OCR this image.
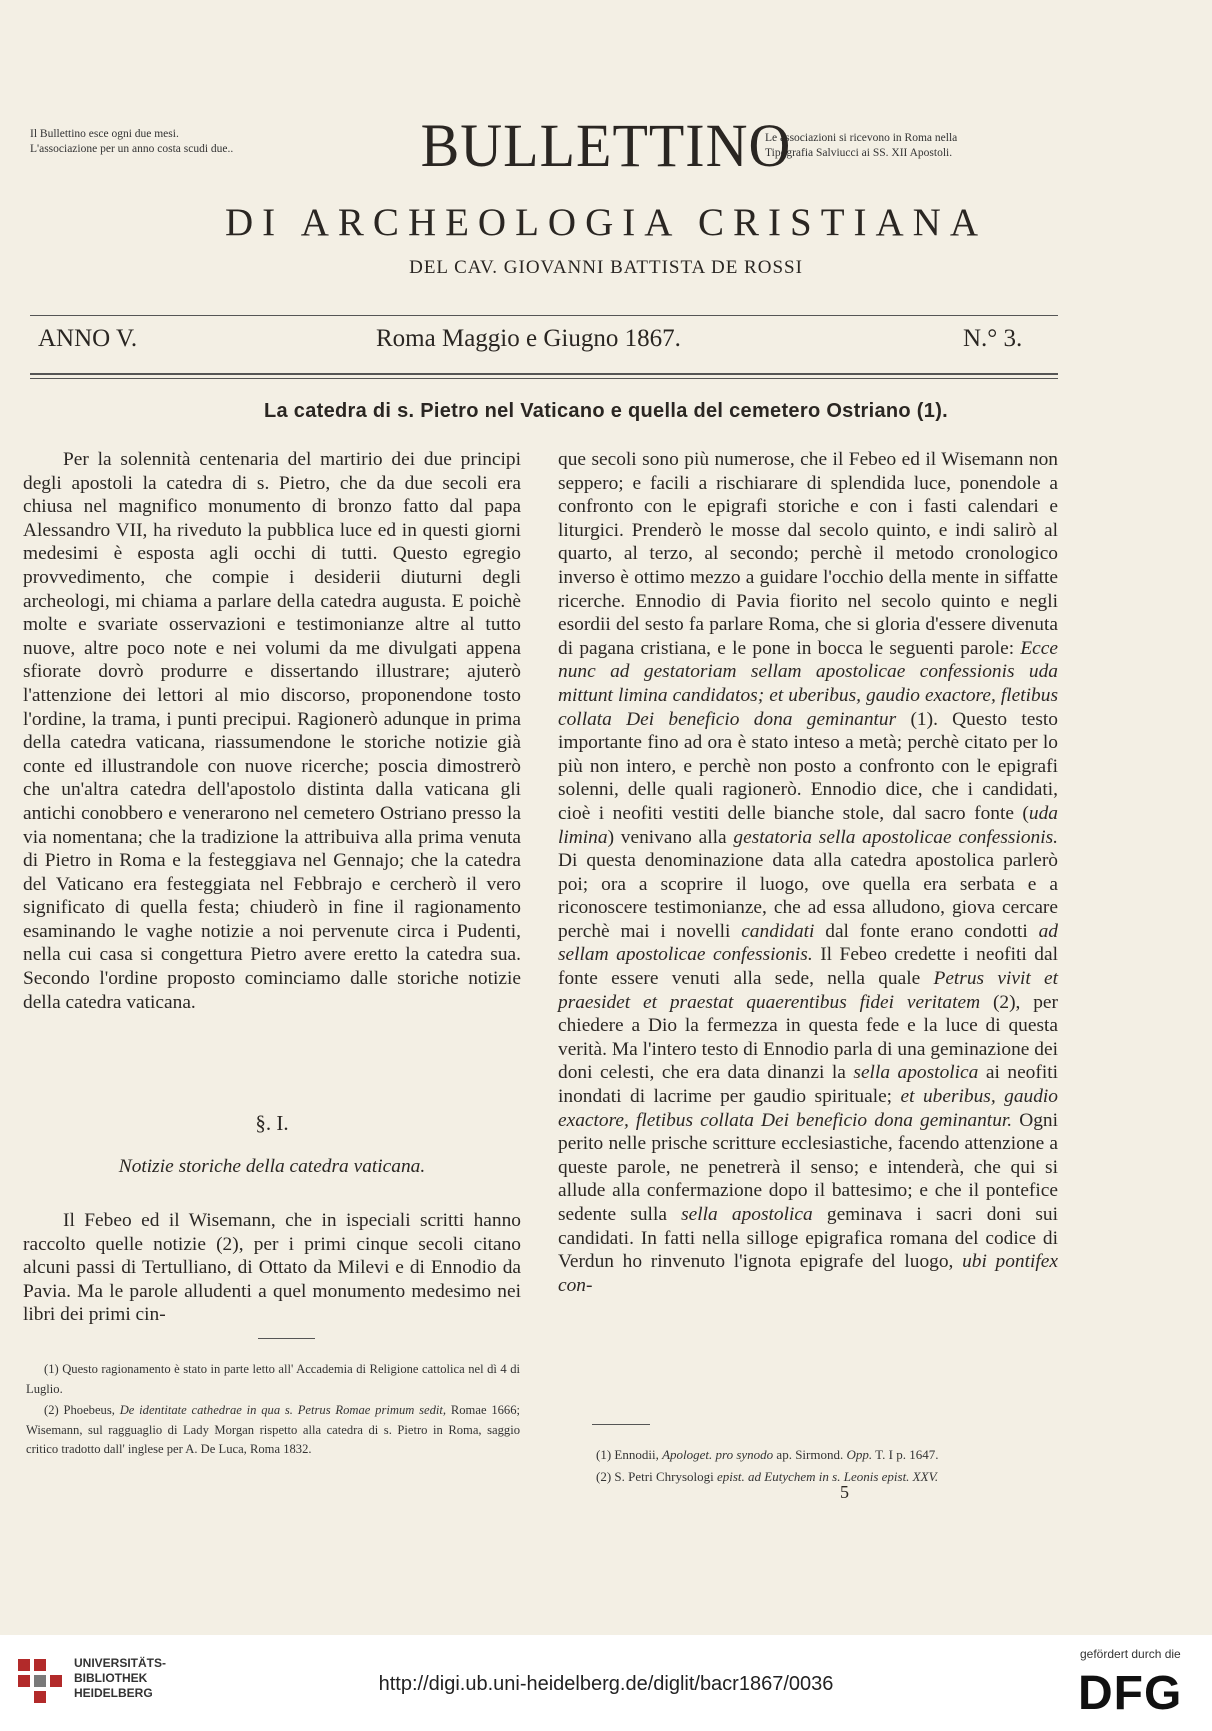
Il Bullettino esce ogni due mesi.
L'associazione per un anno costa scudi due..
Le associazioni si ricevono in Roma nella
Tipografia Salviucci ai SS. XII Apostoli.
BULLETTINO
DI ARCHEOLOGIA CRISTIANA
DEL CAV. GIOVANNI BATTISTA DE ROSSI
ANNO V.	Roma Maggio e Giugno 1867.	N.° 3.
La catedra di s. Pietro nel Vaticano e quella del cemetero Ostriano (1).

Per la solennità centenaria del martirio dei due principi degli apostoli la catedra di s. Pietro, che da due secoli era chiusa nel magnifico monumento di bronzo fatto dal papa Alessandro VII, ha riveduto la pubblica luce ed in questi giorni medesimi è esposta agli occhi di tutti. Questo egregio provvedimento, che compie i desiderii diuturni degli archeologi, mi chiama a parlare della catedra augusta. E poichè molte e svariate osservazioni e testimonianze altre al tutto nuove, altre poco note e nei volumi da me divulgati appena sfiorate dovrò produrre e dissertando illustrare; ajuterò l'attenzione dei lettori al mio discorso, proponendone tosto l'ordine, la trama, i punti precipui. Ragionerò adunque in prima della catedra vaticana, riassumendone le storiche notizie già conte ed illustrandole con nuove ricerche; poscia dimostrerò che un'altra catedra dell'apostolo distinta dalla vaticana gli antichi conobbero e venerarono nel cemetero Ostriano presso la via nomentana; che la tradizione la attribuiva alla prima venuta di Pietro in Roma e la festeggiava nel Gennajo; che la catedra del Vaticano era festeggiata nel Febbrajo e cercherò il vero significato di quella festa; chiuderò in fine il ragionamento esaminando le vaghe notizie a noi pervenute circa i Pudenti, nella cui casa si congettura Pietro avere eretto la catedra sua. Secondo l'ordine proposto cominciamo dalle storiche notizie della catedra vaticana.

§. I.
Notizie storiche della catedra vaticana.

Il Febeo ed il Wisemann, che in ispeciali scritti hanno raccolto quelle notizie (2), per i primi cinque secoli citano alcuni passi di Tertulliano, di Ottato da Milevi e di Ennodio da Pavia. Ma le parole alludenti a quel monumento medesimo nei libri dei primi cin-

(1) Questo ragionamento è stato in parte letto all' Accademia di Religione cattolica nel dì 4 di Luglio.

(2) Phoebeus, De identitate cathedrae in qua s. Petrus Romae primum sedit, Romae 1666; Wisemann, sul ragguaglio di Lady Morgan rispetto alla catedra di s. Pietro in Roma, saggio critico tradotto dall' inglese per A. De Luca, Roma 1832.

que secoli sono più numerose, che il Febeo ed il Wisemann non seppero; e facili a rischiarare di splendida luce, ponendole a confronto con le epigrafi storiche e con i fasti calendari e liturgici. Prenderò le mosse dal secolo quinto, e indi salirò al quarto, al terzo, al secondo; perchè il metodo cronologico inverso è ottimo mezzo a guidare l'occhio della mente in siffatte ricerche. Ennodio di Pavia fiorito nel secolo quinto e negli esordii del sesto fa parlare Roma, che si gloria d'essere divenuta di pagana cristiana, e le pone in bocca le seguenti parole: Ecce nunc ad gestatoriam sellam apostolicae confessionis uda mittunt limina candidatos; et uberibus, gaudio exactore, fletibus collata Dei beneficio dona geminantur (1). Questo testo importante fino ad ora è stato inteso a metà; perchè citato per lo più non intero, e perchè non posto a confronto con le epigrafi solenni, delle quali ragionerò. Ennodio dice, che i candidati, cioè i neofiti vestiti delle bianche stole, dal sacro fonte (uda limina) venivano alla gestatoria sella apostolicae confessionis. Di questa denominazione data alla catedra apostolica parlerò poi; ora a scoprire il luogo, ove quella era serbata e a riconoscere testimonianze, che ad essa alludono, giova cercare perchè mai i novelli candidati dal fonte erano condotti ad sellam apostolicae confessionis. Il Febeo credette i neofiti dal fonte essere venuti alla sede, nella quale Petrus vivit et praesidet et praestat quaerentibus fidei veritatem (2), per chiedere a Dio la fermezza in questa fede e la luce di questa verità. Ma l'intero testo di Ennodio parla di una geminazione dei doni celesti, che era data dinanzi la sella apostolica ai neofiti inondati di lacrime per gaudio spirituale; et uberibus, gaudio exactore, fletibus collata Dei beneficio dona geminantur. Ogni perito nelle prische scritture ecclesiastiche, facendo attenzione a queste parole, ne penetrerà il senso; e intenderà, che qui si allude alla confermazione dopo il battesimo; e che il pontefice sedente sulla sella apostolica geminava i sacri doni sui candidati. In fatti nella silloge epigrafica romana del codice di Verdun ho rinvenuto l'ignota epigrafe del luogo, ubi pontifex con-

(1) Ennodii, Apologet. pro synodo ap. Sirmond. Opp. T. I p. 1647.

(2) S. Petri Chrysologi epist. ad Eutychem in s. Leonis epist. XXV.

5
UNIVERSITÄTS-
BIBLIOTHEK
HEIDELBERG	http://digi.ub.uni-heidelberg.de/diglit/bacr1867/0036
gefördert durch die
DFG
